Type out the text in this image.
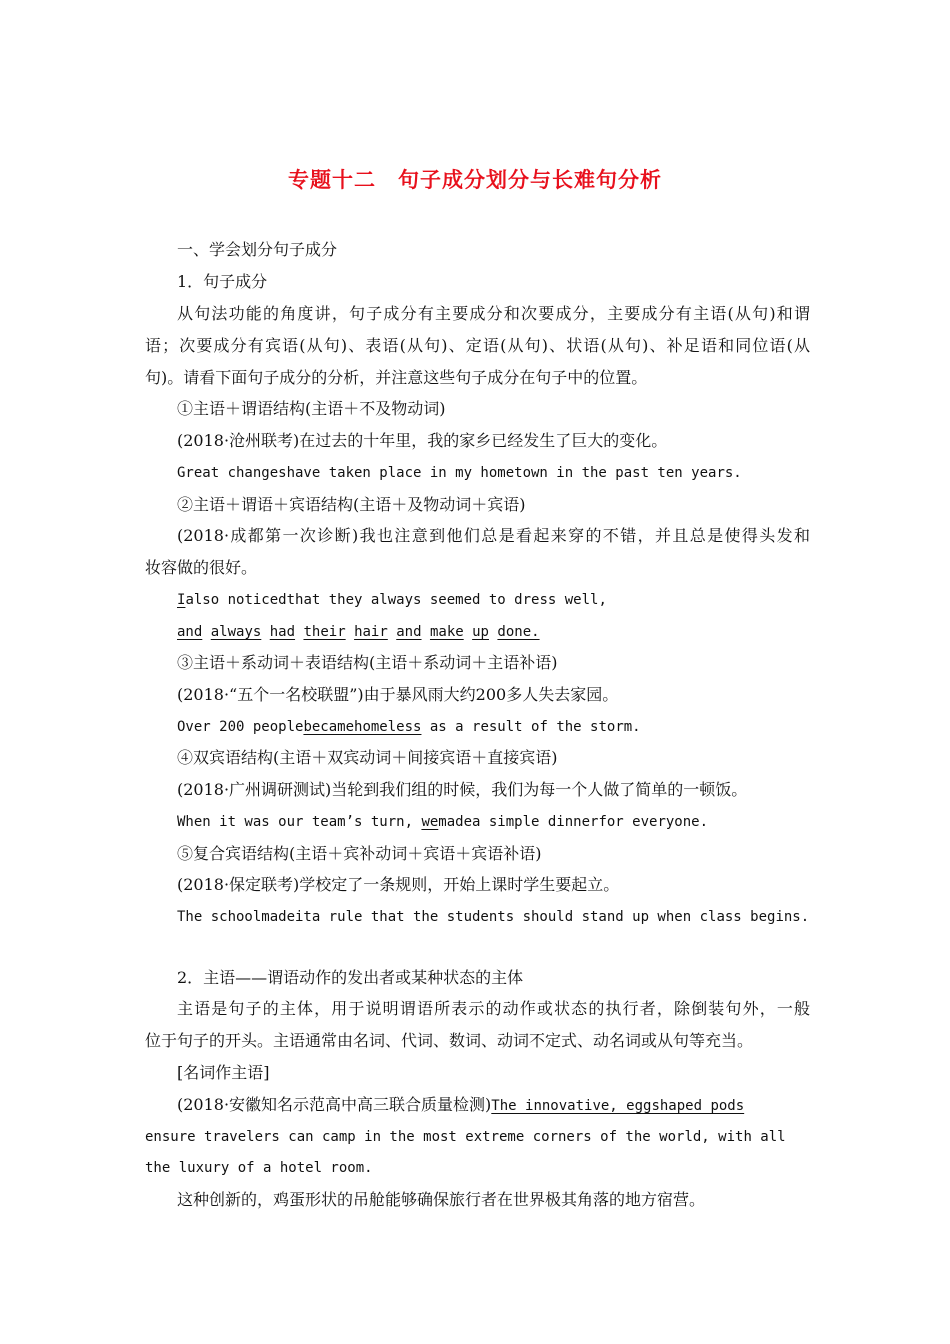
专题十二　句子成分划分与长难句分析
一、学会划分句子成分
1．句子成分
从句法功能的角度讲，句子成分有主要成分和次要成分，主要成分有主语(从句)和谓
语；次要成分有宾语(从句)、表语(从句)、定语(从句)、状语(从句)、补足语和同位语(从
句)。请看下面句子成分的分析，并注意这些句子成分在句子中的位置。
①主语＋谓语结构(主语＋不及物动词)
(2018·沧州联考)在过去的十年里，我的家乡已经发生了巨大的变化。
Great changeshave taken place in my hometown in the past ten years.
②主语＋谓语＋宾语结构(主语＋及物动词＋宾语)
(2018·成都第一次诊断)我也注意到他们总是看起来穿的不错，并且总是使得头发和
妆容做的很好。
Ialso noticedthat they always seemed to dress well,
and always had their hair and make up done.
③主语＋系动词＋表语结构(主语＋系动词＋主语补语)
(2018·“五个一名校联盟”)由于暴风雨大约200多人失去家园。
Over 200 peoplebecamehomeless as a result of the storm.
④双宾语结构(主语＋双宾动词＋间接宾语＋直接宾语)
(2018·广州调研测试)当轮到我们组的时候，我们为每一个人做了简单的一顿饭。
When it was our team’s turn, wemadea simple dinnerfor everyone.
⑤复合宾语结构(主语＋宾补动词＋宾语＋宾语补语)
(2018·保定联考)学校定了一条规则，开始上课时学生要起立。
The schoolmadeita rule that the students should stand up when class begins.
2．主语——谓语动作的发出者或某种状态的主体
主语是句子的主体，用于说明谓语所表示的动作或状态的执行者，除倒装句外，一般
位于句子的开头。主语通常由名词、代词、数词、动词不定式、动名词或从句等充当。
[名词作主语]
(2018·安徽知名示范高中高三联合质量检测)The innovative, eggshaped pods
ensure travelers can camp in the most extreme corners of the world, with all
the luxury of a hotel room.
这种创新的，鸡蛋形状的吊舱能够确保旅行者在世界极其角落的地方宿营。
